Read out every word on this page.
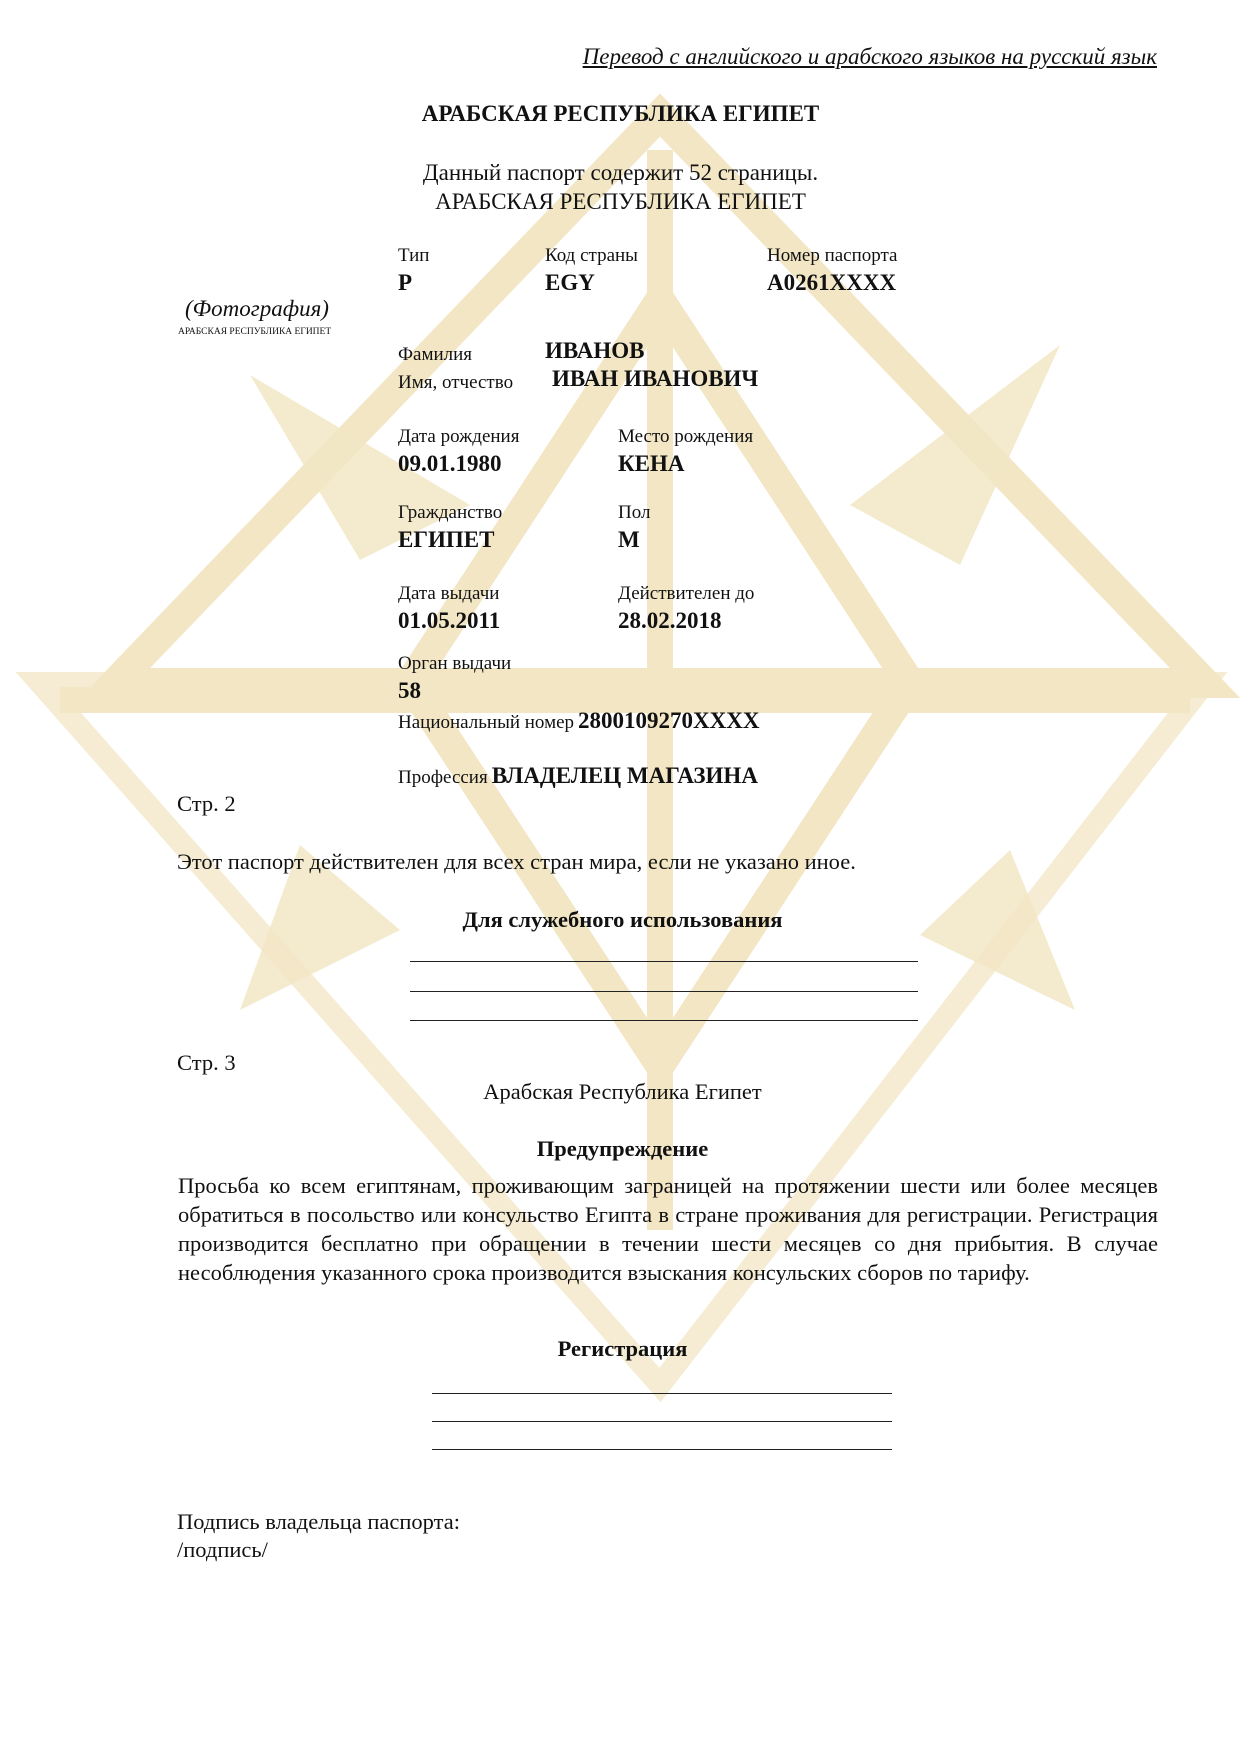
Перевод с английского и арабского языков на русский язык
АРАБСКАЯ РЕСПУБЛИКА ЕГИПЕТ
Данный паспорт содержит 52 страницы.
АРАБСКАЯ РЕСПУБЛИКА ЕГИПЕТ
(Фотография)
АРАБСКАЯ РЕСПУБЛИКА ЕГИПЕТ
Тип
P
Код страны
EGY
Номер паспорта
A0261XXXX
Фамилия	ИВАНОВ
Имя, отчество ИВАН ИВАНОВИЧ
Дата рождения
09.01.1980
Место рождения
КЕНА
Гражданство
ЕГИПЕТ
Пол
M
Дата выдачи
01.05.2011
Действителен до
28.02.2018
Орган выдачи
58
Национальный номер 2800109270XXXX
Профессия ВЛАДЕЛЕЦ МАГАЗИНА
Стр. 2
Этот паспорт действителен для всех стран мира, если не указано иное.
Для служебного использования
Стр. 3
Арабская Республика Египет
Предупреждение
Просьба ко всем египтянам, проживающим заграницей на протяжении шести или более месяцев обратиться в посольство или консульство Египта в стране проживания для регистрации. Регистрация производится бесплатно при обращении в течении шести месяцев со дня прибытия. В случае несоблюдения указанного срока производится взыскания консульских сборов по тарифу.
Регистрация
Подпись владельца паспорта:
/подпись/
